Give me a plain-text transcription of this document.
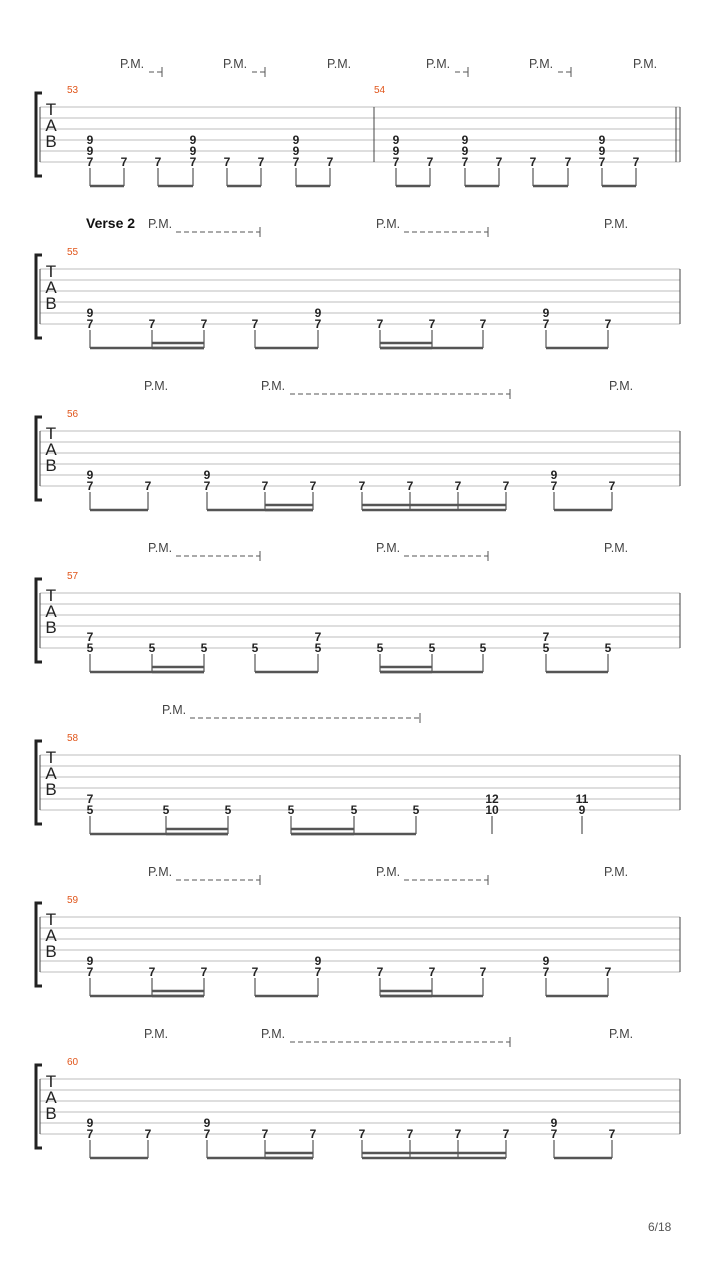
T
A
B
P.M.	P.M.	P.M.	P.M.	P.M.	P.M.
53
9
9
7 7 7
9
9
7 7 7
9
9
7 7
54
9
9
7 7
9
9
7 7 7 7
9
9
7 7
T
A
B
Verse 2 P.M.	P.M.	P.M.
55
9
7	7	7	7
9
7	7	7	7
9
7	7
T
A
B
P.M.	P.M.	P.M.
56
9
7	7
9
7	7	7	7	7	7	7
9
7	7
T
A
B
P.M.	P.M.	P.M.
57
7
5	5	5	5
7
5	5	5	5
7
5	5
T
A
B
P.M.
58
7
5	5	5	5	5	5
12
10
11
9
T
A
B
P.M.	P.M.	P.M.
59
9
7	7	7	7
9
7	7	7	7
9
7	7
T
A
B
P.M.	P.M.	P.M.
60
9
7	7
9
7	7	7	7	7	7	7
9
7	7
6/18
